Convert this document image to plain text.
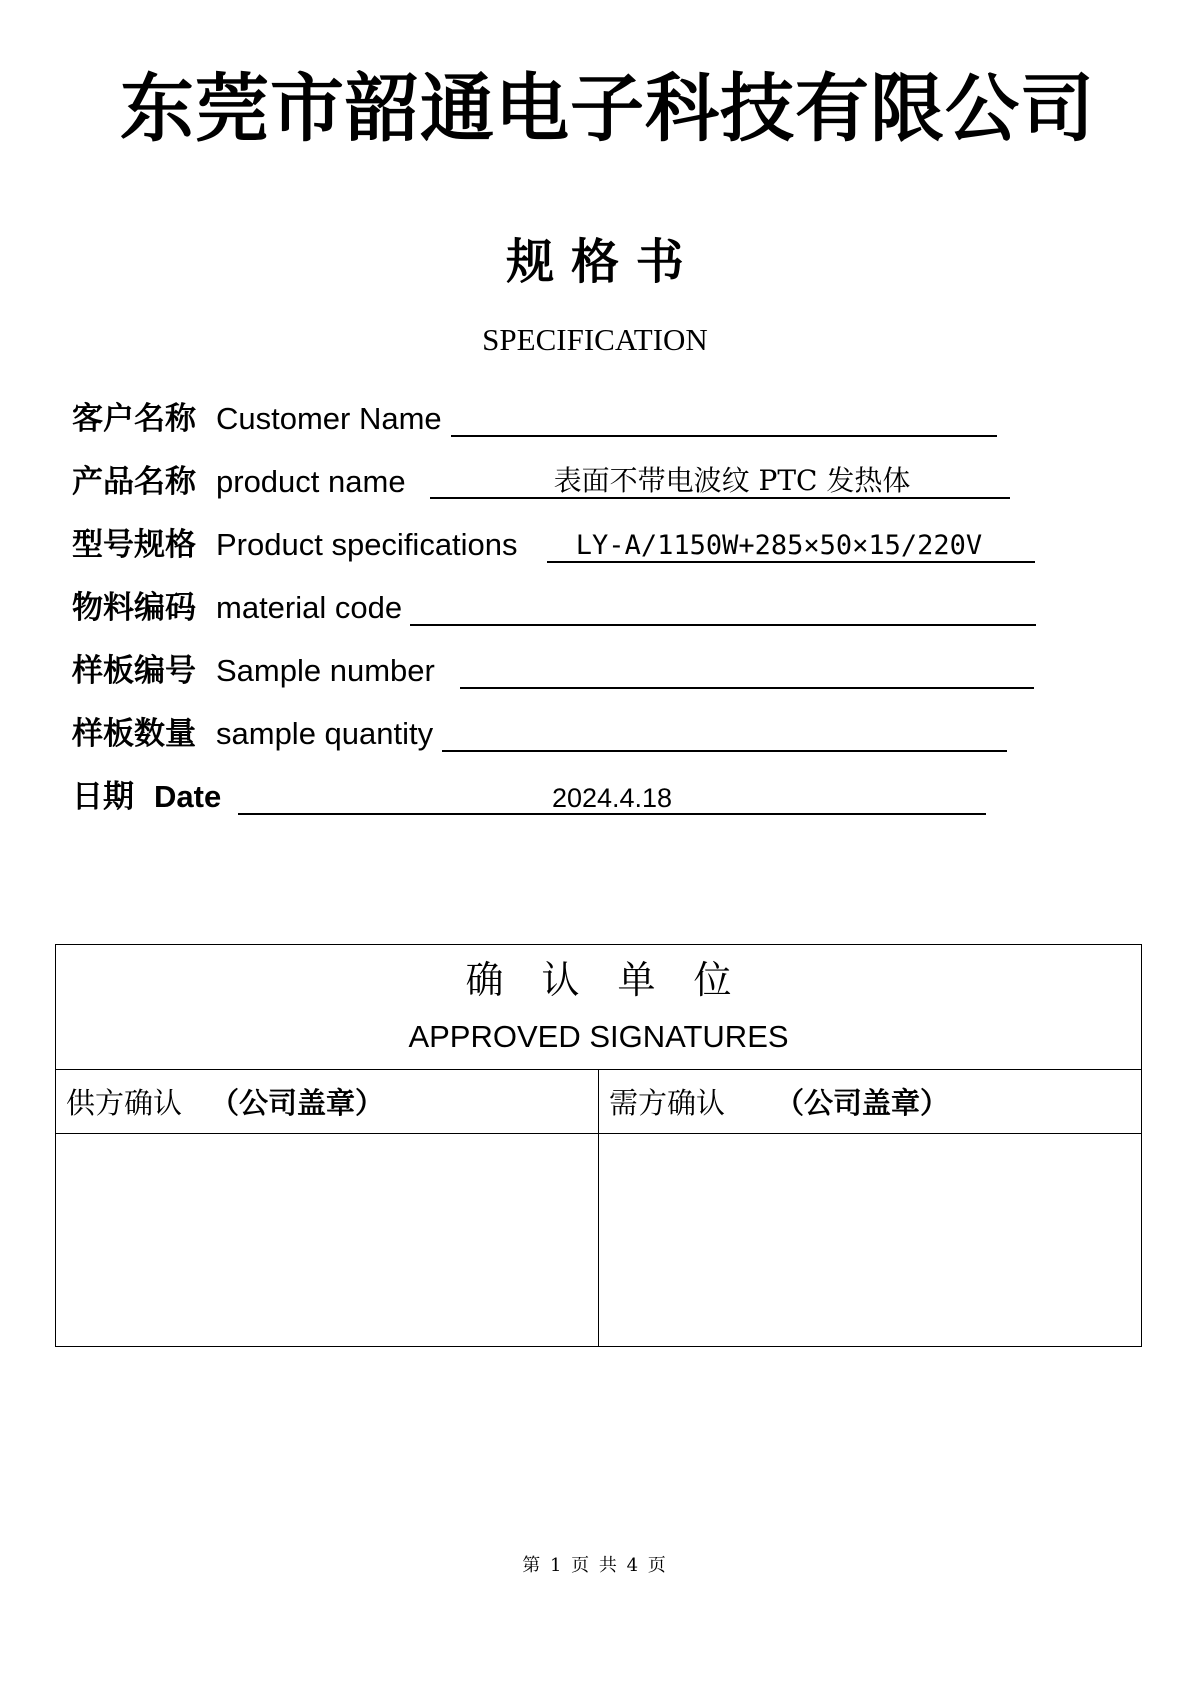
东莞市韶通电子科技有限公司
规 格 书
SPECIFICATION
客户名称 Customer Name
产品名称 product name	表面不带电波纹 PTC 发热体
型号规格 Product specifications	LY-A/1150W+285×50×15/220V
物料编码 material code
样板编号 Sample number
样板数量 sample quantity
日期 Date	2024.4.18
确认单位
APPROVED SIGNATURES	

供方确认 （公司盖章）	需方确认 （公司盖章）

第 1 页 共 4 页
